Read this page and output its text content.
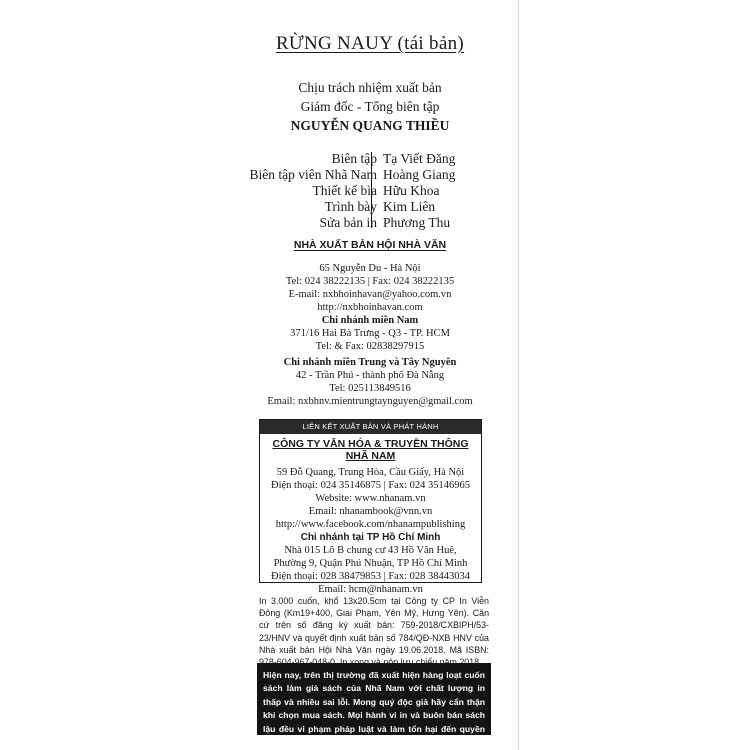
RỪNG NAUY (tái bản)
Chịu trách nhiệm xuất bản
Giám đốc - Tổng biên tập
NGUYỄN QUANG THIỀU
Biên tập Tạ Viết Đăng
Biên tập viên Nhã Nam Hoàng Giang
Thiết kế bìa Hữu Khoa
Trình bày Kim Liên
Sửa bản in Phương Thu
NHÀ XUẤT BẢN HỘI NHÀ VĂN
65 Nguyễn Du - Hà Nội
Tel: 024 38222135 | Fax: 024 38222135
E-mail: nxbhoinhavan@yahoo.com.vn
http://nxbhoinhavan.com
Chi nhánh miền Nam
371/16 Hai Bà Trưng - Q3 - TP. HCM
Tel: & Fax: 02838297915
Chi nhánh miền Trung và Tây Nguyên
42 - Trần Phú - thành phố Đà Nẵng
Tel: 025113849516
Email: nxbhnv.mientrungtaynguyen@gmail.com
LIÊN KẾT XUẤT BẢN VÀ PHÁT HÀNH
CÔNG TY VĂN HÓA & TRUYỀN THÔNG NHÃ NAM
59 Đỗ Quang, Trung Hòa, Cầu Giấy, Hà Nội
Điện thoại: 024 35146875 | Fax: 024 35146965
Website: www.nhanam.vn
Email: nhanambook@vnn.vn
http://www.facebook.com/nhanampublishing
Chi nhánh tại TP Hồ Chí Minh
Nhà 015 Lô B chung cư 43 Hồ Văn Huê,
Phường 9, Quận Phú Nhuận, TP Hồ Chí Minh
Điện thoại: 028 38479853 | Fax: 028 38443034
Email: hcm@nhanam.vn
In 3.000 cuốn, khổ 13x20.5cm tại Công ty CP In Viễn Đông (Km19+400, Giai Phạm, Yên Mỹ, Hưng Yên). Căn cứ trên số đăng ký xuất bản: 759-2018/CXBIPH/53-23/HNV và quyết định xuất bản số 784/QĐ-NXB HNV của Nhà xuất bản Hội Nhà Văn ngày 19.06.2018. Mã ISBN:
Hiện nay, trên thị trường đã xuất hiện hàng loạt cuốn sách làm giả sách của Nhã Nam với chất lượng in thấp và nhiều sai lỗi. Mong quý độc giả hãy cẩn thận khi chọn mua sách. Mọi hành vi in và buôn bán sách lậu đều vi phạm pháp luật và làm tổn hại đến quyền lợi của tác giả và nhà xuất bản.
